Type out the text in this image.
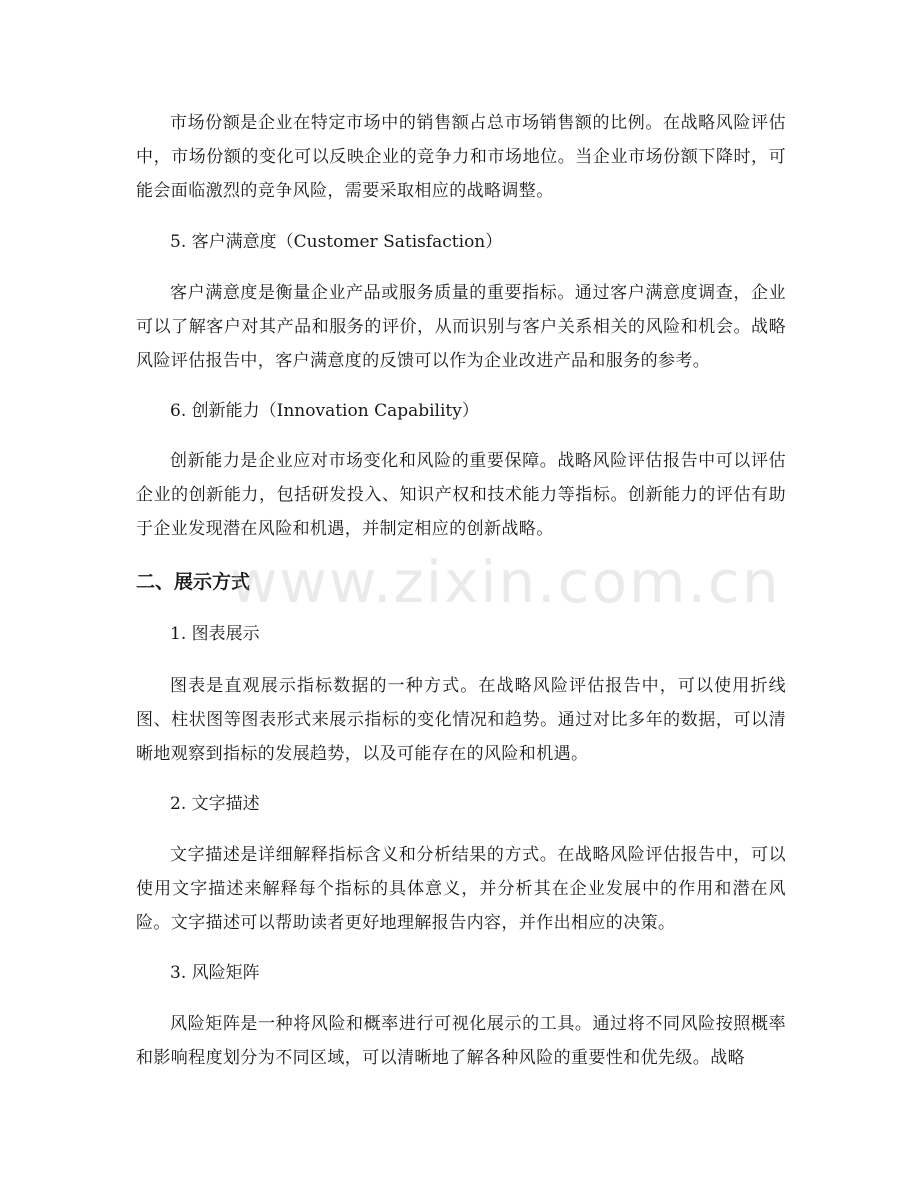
市场份额是企业在特定市场中的销售额占总市场销售额的比例。在战略风险评估中，市场份额的变化可以反映企业的竞争力和市场地位。当企业市场份额下降时，可能会面临激烈的竞争风险，需要采取相应的战略调整。

5. 客户满意度（Customer Satisfaction）

客户满意度是衡量企业产品或服务质量的重要指标。通过客户满意度调查，企业可以了解客户对其产品和服务的评价，从而识别与客户关系相关的风险和机会。战略风险评估报告中，客户满意度的反馈可以作为企业改进产品和服务的参考。

6. 创新能力（Innovation Capability）

创新能力是企业应对市场变化和风险的重要保障。战略风险评估报告中可以评估企业的创新能力，包括研发投入、知识产权和技术能力等指标。创新能力的评估有助于企业发现潜在风险和机遇，并制定相应的创新战略。

二、展示方式

1. 图表展示

图表是直观展示指标数据的一种方式。在战略风险评估报告中，可以使用折线图、柱状图等图表形式来展示指标的变化情况和趋势。通过对比多年的数据，可以清晰地观察到指标的发展趋势，以及可能存在的风险和机遇。

2. 文字描述

文字描述是详细解释指标含义和分析结果的方式。在战略风险评估报告中，可以使用文字描述来解释每个指标的具体意义，并分析其在企业发展中的作用和潜在风险。文字描述可以帮助读者更好地理解报告内容，并作出相应的决策。

3. 风险矩阵

风险矩阵是一种将风险和概率进行可视化展示的工具。通过将不同风险按照概率和影响程度划分为不同区域，可以清晰地了解各种风险的重要性和优先级。战略

www.zixin.com.cn
